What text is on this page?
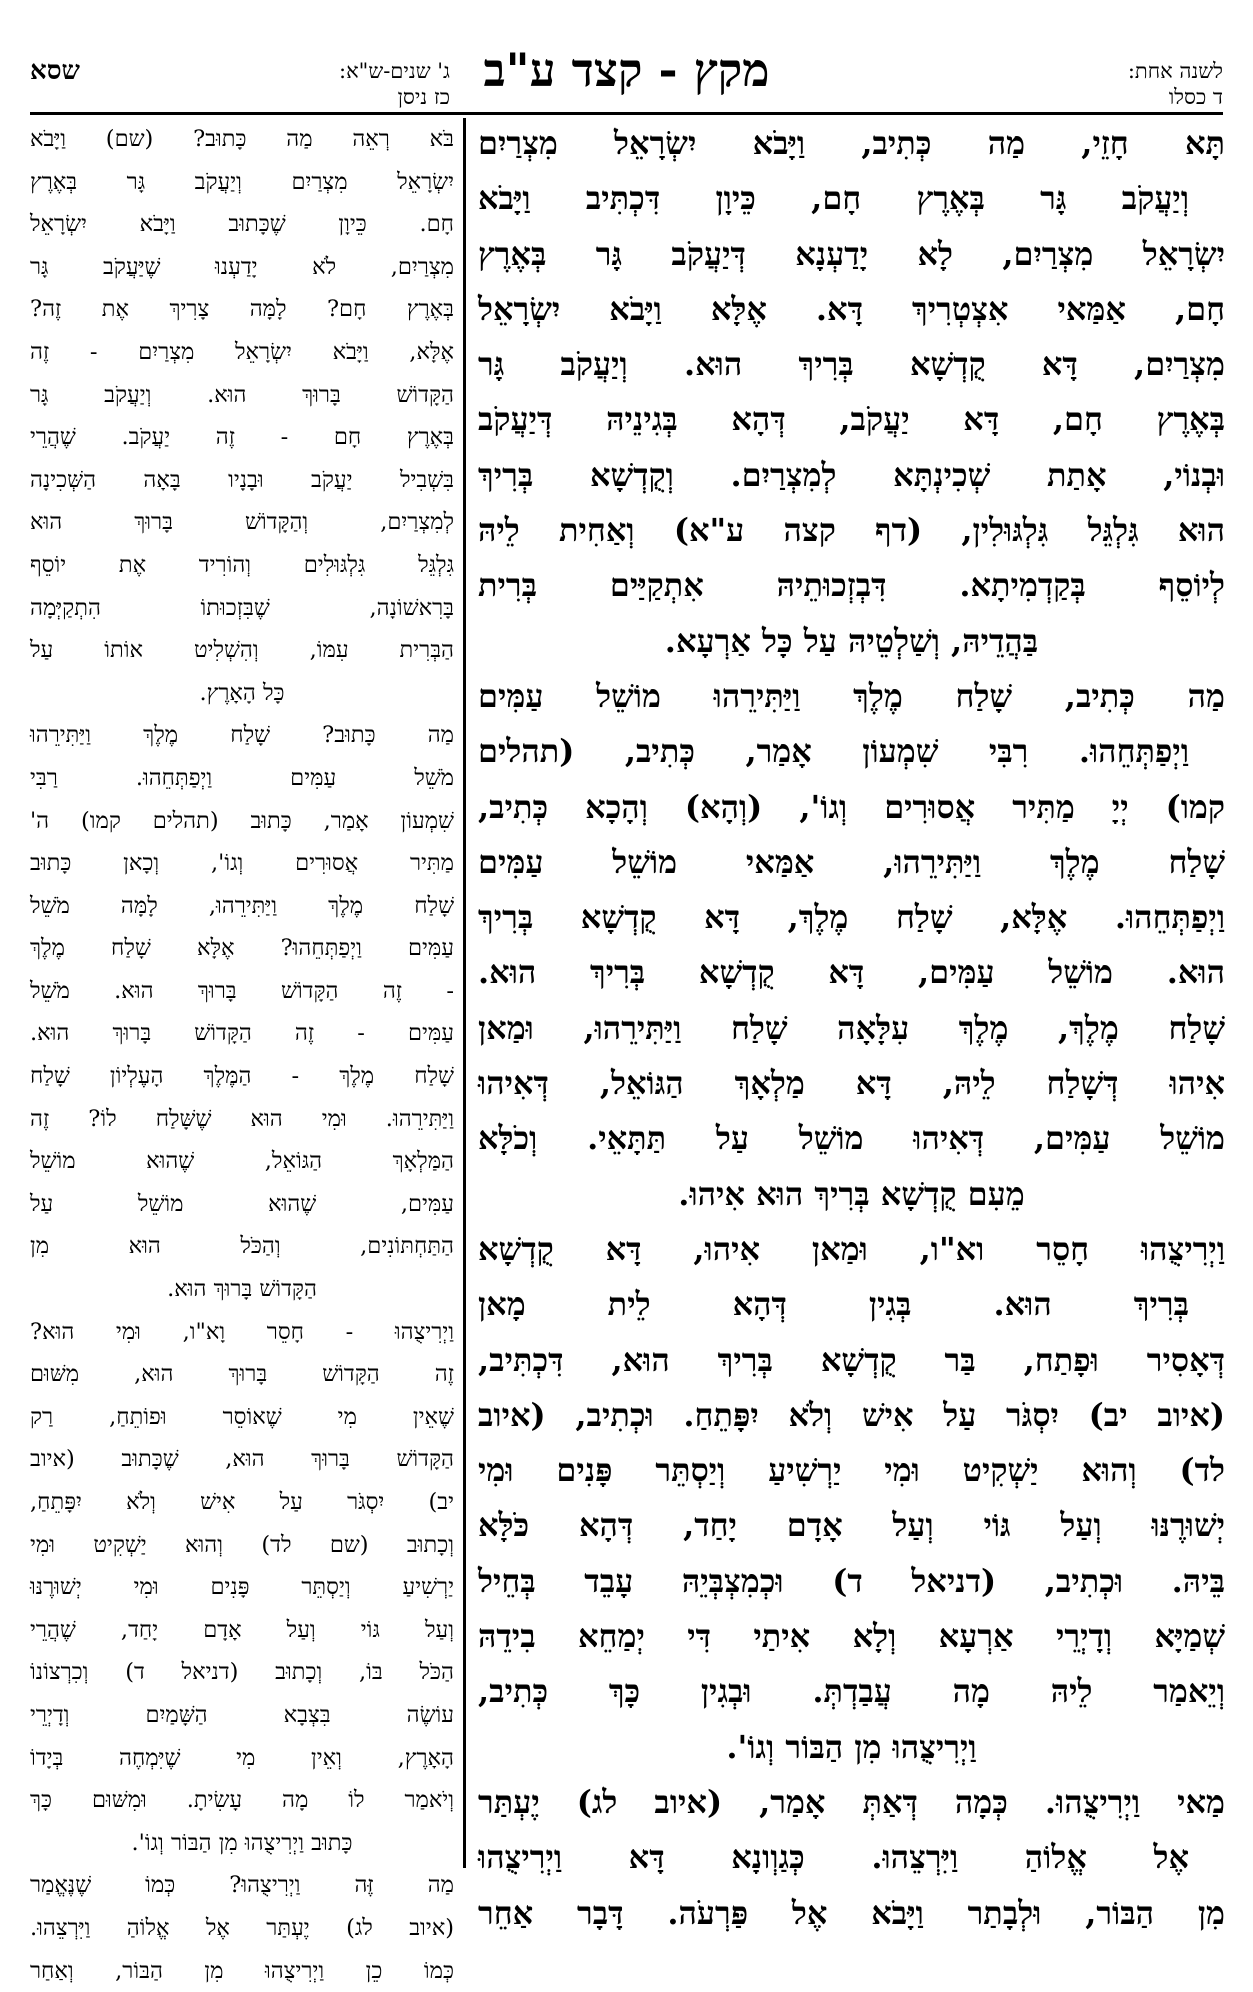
מקץ - קצד ע"ב	לשנה אחת:
ד כסלו
שסא	ג' שנים-ש"א:
כז ניסן
תָּא חָזֵי, מַה כְּתִיב, וַיָּבֹא יִשְׂרָאֵל מִצְרַיִם
וְיַעֲקֹב גָּר בְּאֶרֶץ חָם, כֵּיוָן דִּכְתִּיב וַיָּבֹא
יִשְׂרָאֵל מִצְרַיִם, לָא יָדַעְנָא דְּיַעֲקֹב גָּר בְּאֶרֶץ
חָם, אַמַּאי אִצְטְרִיךְ דָּא. אֶלָּא וַיָּבֹא יִשְׂרָאֵל
מִצְרַיִם, דָּא קֻדְשָׁא בְּרִיךְ הוּא. וְיַעֲקֹב גָּר
בְּאֶרֶץ חָם, דָּא יַעֲקֹב, דְּהָא בְּגִינֵיהּ דְּיַעֲקֹב
וּבְנוֹי, אָתַת שְׁכִינְתָּא לְמִצְרַיִם. וְקֻדְשָׁא בְּרִיךְ
הוּא גִּלְגֵּל גִּלְגּוּלִין, (דף קצה ע"א) וְאַחִית לֵיהּ
לְיוֹסֵף בְּקַדְמִיתָא. דִּבְזְכוּתֵיהּ אִתְקַיַּים בְּרִית
בַּהֲדֵיהּ, וְשַׁלְטֵיהּ עַל כָּל אַרְעָא.
מַה כְּתִיב, שָׁלַח מֶלֶךְ וַיַּתִּירֵהוּ מוֹשֵׁל עַמִּים
וַיְפַתְּחֵהוּ. רִבִּי שִׁמְעוֹן אָמַר, כְּתִיב, (תהלים
קמו) יְיָ מַתִּיר אֲסוּרִים וְגוֹ', (וְהָא) וְהָכָא כְּתִיב,
שָׁלַח מֶלֶךְ וַיַּתִּירֵהוּ, אַמַּאי מוֹשֵׁל עַמִּים
וַיְפַתְּחֵהוּ. אֶלָּא, שָׁלַח מֶלֶךְ, דָּא קֻדְשָׁא בְּרִיךְ
הוּא. מוֹשֵׁל עַמִּים, דָּא קֻדְשָׁא בְּרִיךְ הוּא.
שָׁלַח מֶלֶךְ, מֶלֶךְ עִלָּאָה שָׁלַח וַיַּתִּירֵהוּ, וּמַאן
אִיהוּ דְּשָׁלַח לֵיהּ, דָּא מַלְאָךְ הַגּוֹאֵל, דְּאִיהוּ
מוֹשֵׁל עַמִּים, דְּאִיהוּ מוֹשֵׁל עַל תַּתָּאֵי. וְכֹלָּא
מֵעִם קֻדְשָׁא בְּרִיךְ הוּא אִיהוּ.
וַיְרִיצֻהוּ חָסֵר וא"ו, וּמַאן אִיהוּ, דָּא קֻדְשָׁא
בְּרִיךְ הוּא. בְּגִין דְּהָא לֵית מָאן
דְּאָסִיר וּפָתַח, בַּר קֻדְשָׁא בְּרִיךְ הוּא, דִּכְתִּיב,
(איוב יב) יִסְגֹּר עַל אִישׁ וְלֹא יִפָּתֵחַ. וּכְתִיב, (איוב
לד) וְהוּא יַשְׁקִיט וּמִי יַרְשִׁיעַ וְיַסְתֵּר פָּנִים וּמִי
יְשׁוּרֶנּוּ וְעַל גּוֹי וְעַל אָדָם יָחַד, דְּהָא כֹּלָּא
בֵּיהּ. וּכְתִיב, (דניאל ד) וּכְמִצְבְּיֵהּ עָבֵד בְּחֵיל
שְׁמַיָּא וְדָיְרֵי אַרְעָא וְלָא אִיתַי דִּי יְמַחֵא בִידֵהּ
וְיֵאמַר לֵיהּ מָה עֲבַדְתְּ. וּבְגִין כָּךְ כְּתִיב,
וַיְרִיצֻהוּ מִן הַבּוֹר וְגוֹ'.
מַאי וַיְרִיצֻהוּ. כְּמָה דְּאַתְּ אָמַר, (איוב לג) יֶעְתַּר
אֶל אֱלוֹהַ וַיִּרְצֵהוּ. כְּגַוְונָא דָּא וַיְרִיצֻהוּ
מִן הַבּוֹר, וּלְבָתַר וַיָּבֹא אֶל פַּרְעֹה. דָּבָר אַחֵר
בֹּא רְאֵה מַה כָּתוּב? (שם) וַיָּבֹא
יִשְׂרָאֵל מִצְרַיִם וְיַעֲקֹב גָּר בְּאֶרֶץ
חָם. כֵּיוָן שֶׁכָּתוּב וַיָּבֹא יִשְׂרָאֵל
מִצְרַיִם, לֹא יָדַעְנוּ שֶׁיַּעֲקֹב גָּר
בְּאֶרֶץ חָם? לָמָּה צָרִיךְ אֶת זֶה?
אֶלָּא, וַיָּבֹא יִשְׂרָאֵל מִצְרַיִם - זֶה
הַקָּדוֹשׁ בָּרוּךְ הוּא. וְיַעֲקֹב גָּר
בְּאֶרֶץ חָם - זֶה יַעֲקֹב. שֶׁהֲרֵי
בִּשְׁבִיל יַעֲקֹב וּבָנָיו בָּאָה הַשְּׁכִינָה
לְמִצְרַיִם, וְהַקָּדוֹשׁ בָּרוּךְ הוּא
גִּלְגֵּל גִּלְגּוּלִים וְהוֹרִיד אֶת יוֹסֵף
בָּרִאשׁוֹנָה, שֶׁבִּזְכוּתוֹ הִתְקַיְּמָה
הַבְּרִית עִמּוֹ, וְהִשְׁלִיט אוֹתוֹ עַל
כָּל הָאָרֶץ.
מַה כָּתוּב? שָׁלַח מֶלֶךְ וַיַּתִּירֵהוּ
מֹשֵׁל עַמִּים וַיְפַתְּחֵהוּ. רַבִּי
שִׁמְעוֹן אָמַר, כָּתוּב (תהלים קמו) ה'
מַתִּיר אֲסוּרִים וְגוֹ', וְכָאן כָּתוּב
שָׁלַח מֶלֶךְ וַיַּתִּירֵהוּ, לָמָּה מֹשֵׁל
עַמִּים וַיְפַתְּחֵהוּ? אֶלָּא שָׁלַח מֶלֶךְ
- זֶה הַקָּדוֹשׁ בָּרוּךְ הוּא. מֹשֵׁל
עַמִּים - זֶה הַקָּדוֹשׁ בָּרוּךְ הוּא.
שָׁלַח מֶלֶךְ - הַמֶּלֶךְ הָעֶלְיוֹן שָׁלַח
וַיַּתִּירֵהוּ. וּמִי הוּא שֶׁשָּׁלַח לוֹ? זֶה
הַמַּלְאָךְ הַגּוֹאֵל, שֶׁהוּא מוֹשֵׁל
עַמִּים, שֶׁהוּא מוֹשֵׁל עַל
הַתַּחְתּוֹנִים, וְהַכֹּל הוּא מִן
הַקָּדוֹשׁ בָּרוּךְ הוּא.
וַיְרִיצֻהוּ - חָסֵר וָא"ו, וּמִי הוּא?
זֶה הַקָּדוֹשׁ בָּרוּךְ הוּא, מִשּׁוּם
שֶׁאֵין מִי שֶׁאוֹסֵר וּפוֹתֵחַ, רַק
הַקָּדוֹשׁ בָּרוּךְ הוּא, שֶׁכָּתוּב (איוב
יב) יִסְגֹּר עַל אִישׁ וְלֹא יִפָּתֵחַ,
וְכָתוּב (שם לד) וְהוּא יַשְׁקִיט וּמִי
יַרְשִׁיעַ וְיַסְתֵּר פָּנִים וּמִי יְשׁוּרֶנּוּ
וְעַל גּוֹי וְעַל אָדָם יָחַד, שֶׁהֲרֵי
הַכֹּל בּוֹ, וְכָתוּב (דניאל ד) וְכִרְצוֹנוֹ
עוֹשֶׂה בִּצְבָא הַשָּׁמַיִם וְדָיְרֵי
הָאָרֶץ, וְאֵין מִי שֶׁיִּמְחֶה בְּיָדוֹ
וְיֹאמַר לוֹ מָה עָשִׂיתָ. וּמִשּׁוּם כָּךְ
כָּתוּב וַיְרִיצֻהוּ מִן הַבּוֹר וְגוֹ'.
מַה זֶּה וַיְרִיצֻהוּ? כְּמוֹ שֶׁנֶּאֱמַר
(איוב לג) יֶעְתַּר אֶל אֱלוֹהַ וַיִּרְצֵהוּ.
כְּמוֹ כֵן וַיְרִיצֻהוּ מִן הַבּוֹר, וְאַחַר
